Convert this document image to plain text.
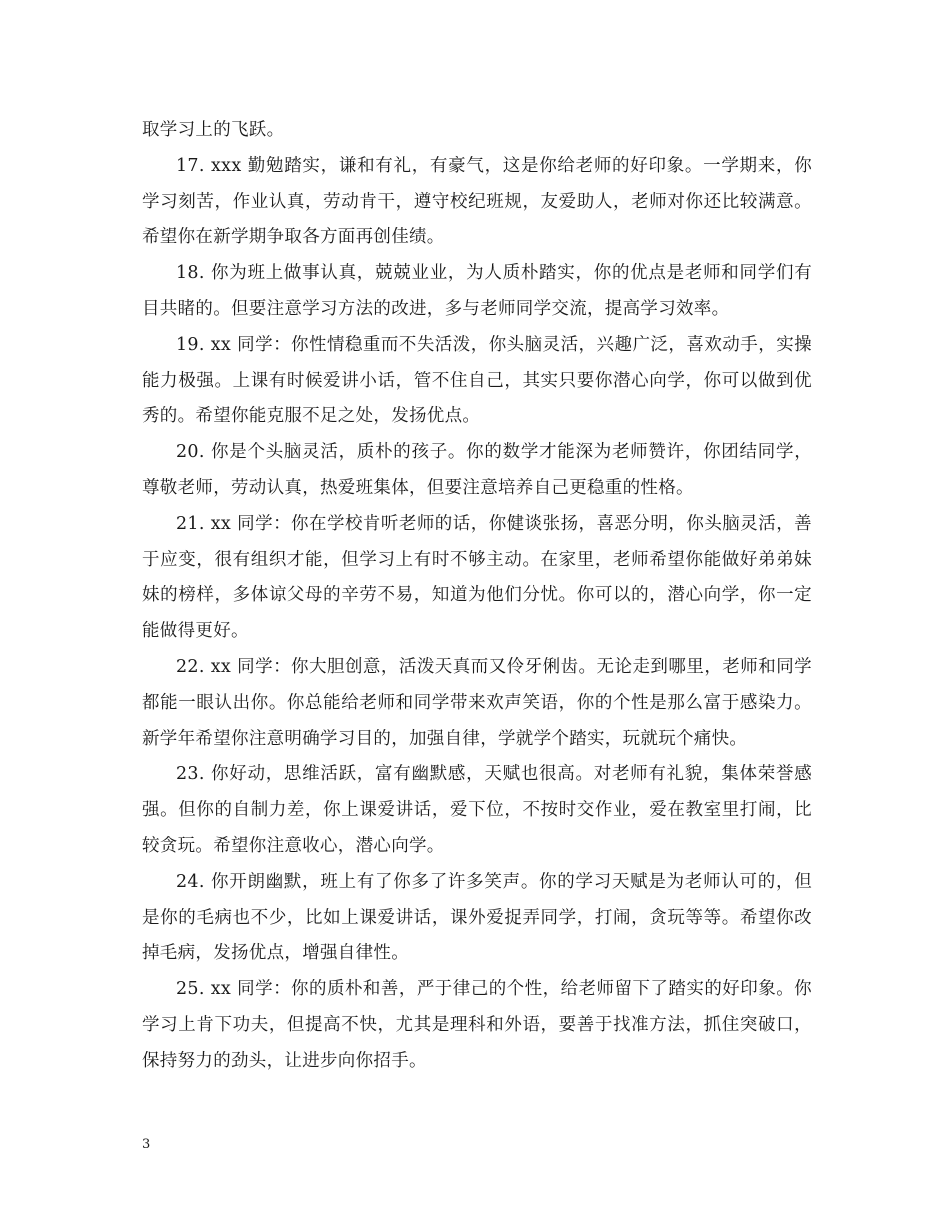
取学习上的飞跃。

17. xxx 勤勉踏实，谦和有礼，有豪气，这是你给老师的好印象。一学期来，你学习刻苦，作业认真，劳动肯干，遵守校纪班规，友爱助人，老师对你还比较满意。希望你在新学期争取各方面再创佳绩。

18. 你为班上做事认真，兢兢业业，为人质朴踏实，你的优点是老师和同学们有目共睹的。但要注意学习方法的改进，多与老师同学交流，提高学习效率。

19. xx 同学：你性情稳重而不失活泼，你头脑灵活，兴趣广泛，喜欢动手，实操能力极强。上课有时候爱讲小话，管不住自己，其实只要你潜心向学，你可以做到优秀的。希望你能克服不足之处，发扬优点。

20. 你是个头脑灵活，质朴的孩子。你的数学才能深为老师赞许，你团结同学，尊敬老师，劳动认真，热爱班集体，但要注意培养自己更稳重的性格。

21. xx 同学：你在学校肯听老师的话，你健谈张扬，喜恶分明，你头脑灵活，善于应变，很有组织才能，但学习上有时不够主动。在家里，老师希望你能做好弟弟妹妹的榜样，多体谅父母的辛劳不易，知道为他们分忧。你可以的，潜心向学，你一定能做得更好。

22. xx 同学：你大胆创意，活泼天真而又伶牙俐齿。无论走到哪里，老师和同学都能一眼认出你。你总能给老师和同学带来欢声笑语，你的个性是那么富于感染力。新学年希望你注意明确学习目的，加强自律，学就学个踏实，玩就玩个痛快。

23. 你好动，思维活跃，富有幽默感，天赋也很高。对老师有礼貌，集体荣誉感强。但你的自制力差，你上课爱讲话，爱下位，不按时交作业，爱在教室里打闹，比较贪玩。希望你注意收心，潜心向学。

24. 你开朗幽默，班上有了你多了许多笑声。你的学习天赋是为老师认可的，但是你的毛病也不少，比如上课爱讲话，课外爱捉弄同学，打闹，贪玩等等。希望你改掉毛病，发扬优点，增强自律性。

25. xx 同学：你的质朴和善，严于律己的个性，给老师留下了踏实的好印象。你学习上肯下功夫，但提高不快，尤其是理科和外语，要善于找准方法，抓住突破口，保持努力的劲头，让进步向你招手。

3
